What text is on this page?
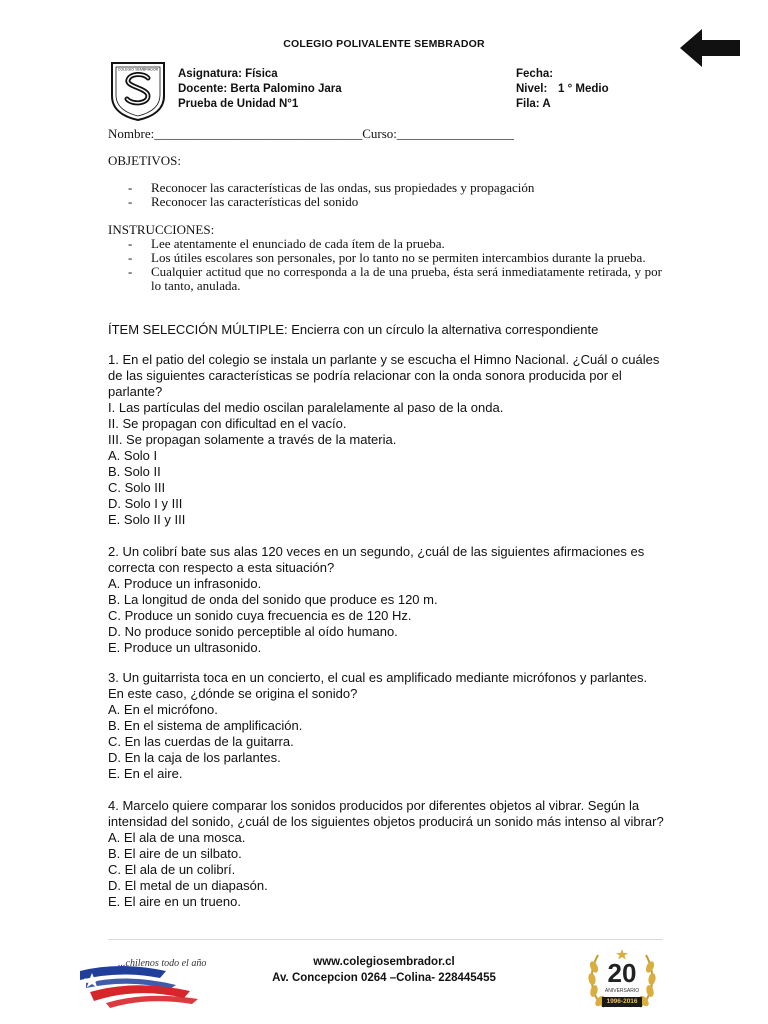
COLEGIO POLIVALENTE SEMBRADOR	1
COLEGIO SEMBRADOR Asignatura: Física
Docente: Berta Palomino Jara
Prueba de Unidad N°1
Fecha:
Nivel: 1 ° Medio
Fila: A
Nombre:________________________________Curso:__________________
OBJETIVOS:
- Reconocer las características de las ondas, sus propiedades y propagación
- Reconocer las características del sonido
INSTRUCCIONES:
- Lee atentamente el enunciado de cada ítem de la prueba.
- Los útiles escolares son personales, por lo tanto no se permiten intercambios durante la prueba.
- Cualquier actitud que no corresponda a la de una prueba, ésta será inmediatamente retirada, y por lo tanto, anulada.
ÍTEM SELECCIÓN MÚLTIPLE: Encierra con un círculo la alternativa correspondiente

1. En el patio del colegio se instala un parlante y se escucha el Himno Nacional. ¿Cuál o cuáles de las siguientes características se podría relacionar con la onda sonora producida por el parlante?

I. Las partículas del medio oscilan paralelamente al paso de la onda.

II. Se propagan con dificultad en el vacío.

III. Se propagan solamente a través de la materia.

A. Solo I

B. Solo II

C. Solo III

D. Solo I y III

E. Solo II y III

2. Un colibrí bate sus alas 120 veces en un segundo, ¿cuál de las siguientes afirmaciones es correcta con respecto a esta situación?

A. Produce un infrasonido.

B. La longitud de onda del sonido que produce es 120 m.

C. Produce un sonido cuya frecuencia es de 120 Hz.

D. No produce sonido perceptible al oído humano.

E. Produce un ultrasonido.

3. Un guitarrista toca en un concierto, el cual es amplificado mediante micrófonos y parlantes. En este caso, ¿dónde se origina el sonido?

A. En el micrófono.

B. En el sistema de amplificación.

C. En las cuerdas de la guitarra.

D. En la caja de los parlantes.

E. En el aire.

4. Marcelo quiere comparar los sonidos producidos por diferentes objetos al vibrar. Según la intensidad del sonido, ¿cuál de los siguientes objetos producirá un sonido más intenso al vibrar?

A. El ala de una mosca.

B. El aire de un silbato.

C. El ala de un colibrí.

D. El metal de un diapasón.

E. El aire en un trueno.

...chilenos todo el año	www.colegiosembrador.cl
Av. Concepcion 0264 –Colina- 228445455	20
ANIVERSARIO
1996-2016
